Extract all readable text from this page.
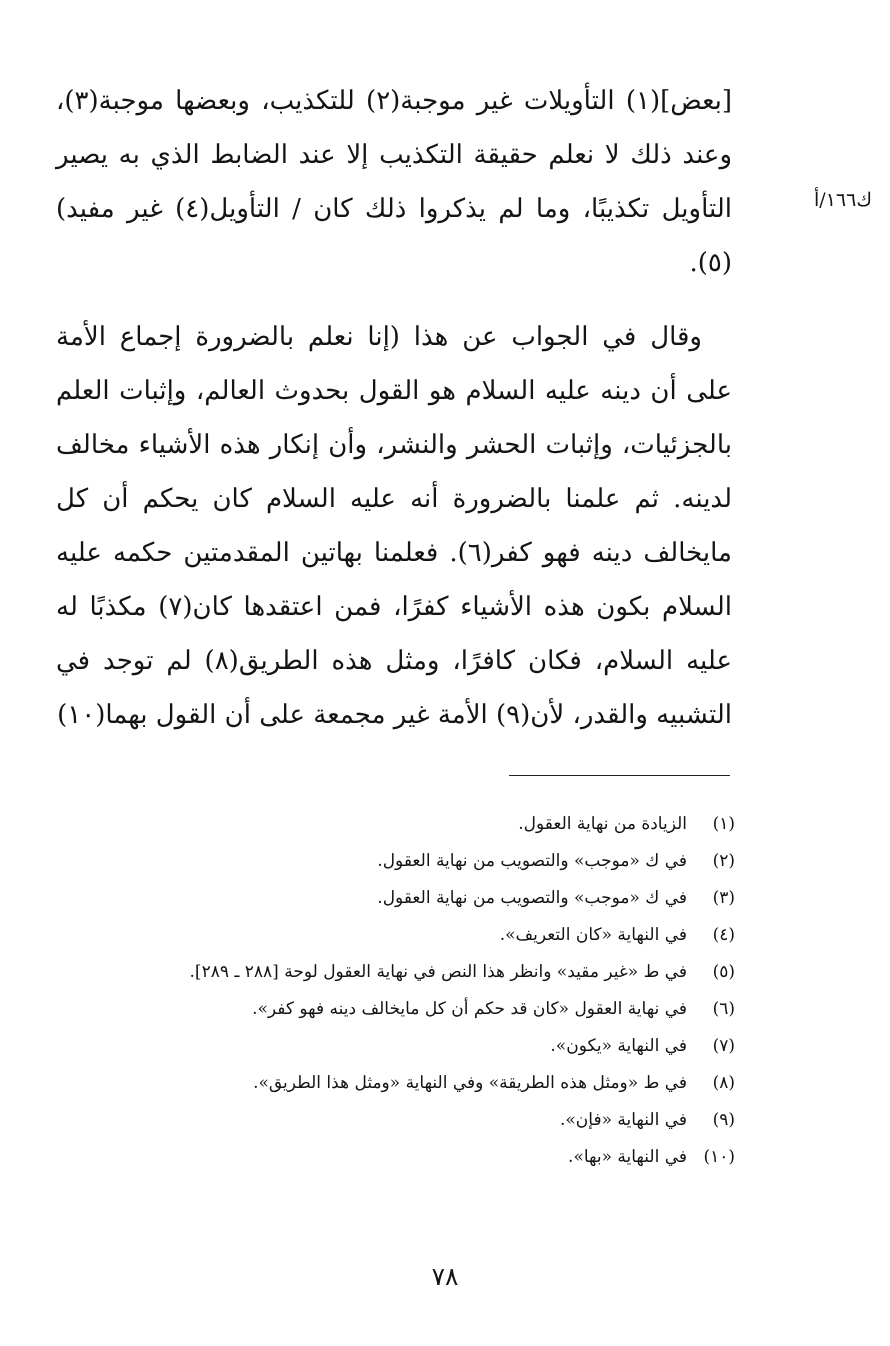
ك١٦٦/أ

[بعض](١) التأويلات غير موجبة(٢) للتكذيب، وبعضها موجبة(٣)، وعند ذلك لا نعلم حقيقة التكذيب إلا عند الضابط الذي به يصير التأويل تكذيبًا، وما لم يذكروا ذلك كان / التأويل(٤) غير مفيد)(٥).

وقال في الجواب عن هذا (إنا نعلم بالضرورة إجماع الأمة على أن دينه عليه السلام هو القول بحدوث العالم، وإثبات العلم بالجزئيات، وإثبات الحشر والنشر، وأن إنكار هذه الأشياء مخالف لدينه. ثم علمنا بالضرورة أنه عليه السلام كان يحكم أن كل مايخالف دينه فهو كفر(٦). فعلمنا بهاتين المقدمتين حكمه عليه السلام بكون هذه الأشياء كفرًا، فمن اعتقدها كان(٧) مكذبًا له عليه السلام، فكان كافرًا، ومثل هذه الطريق(٨) لم توجد في التشبيه والقدر، لأن(٩) الأمة غير مجمعة على أن القول بهما(١٠)

(١)الزيادة من نهاية العقول.
(٢)في ك «موجب» والتصويب من نهاية العقول.
(٣)في ك «موجب» والتصويب من نهاية العقول.
(٤)في النهاية «كان التعريف».
(٥)في ط «غير مقيد» وانظر هذا النص في نهاية العقول لوحة [٢٨٨ ـ ٢٨٩].
(٦)في نهاية العقول «كان قد حكم أن كل مايخالف دينه فهو كفر».
(٧)في النهاية «يكون».
(٨)في ط «ومثل هذه الطريقة» وفي النهاية «ومثل هذا الطريق».
(٩)في النهاية «فإن».
(١٠)في النهاية «بها».
٧٨
